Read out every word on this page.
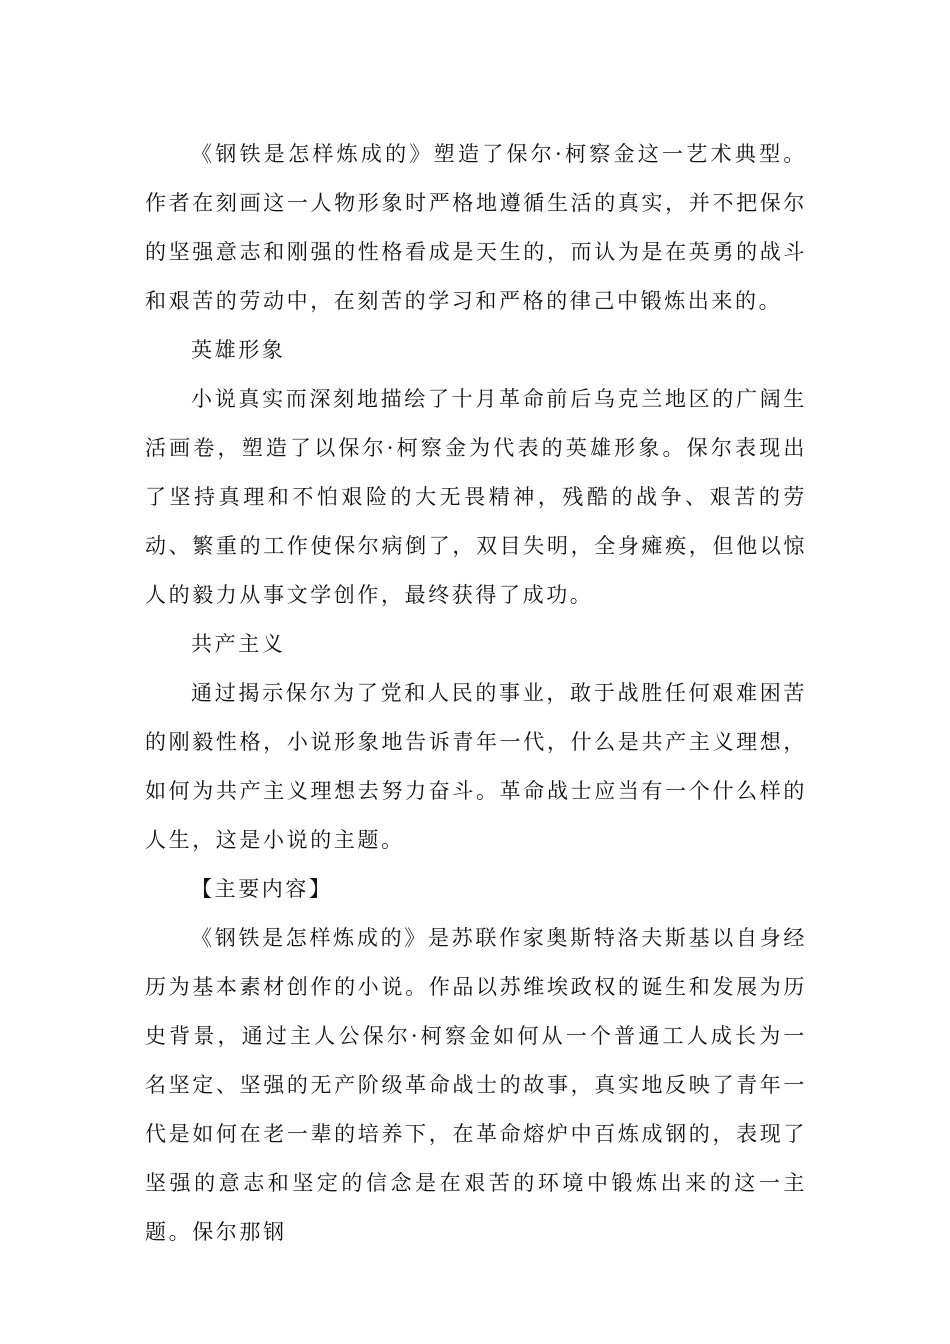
《钢铁是怎样炼成的》塑造了保尔·柯察金这一艺术典型。作者在刻画这一人物形象时严格地遵循生活的真实，并不把保尔的坚强意志和刚强的性格看成是天生的，而认为是在英勇的战斗和艰苦的劳动中，在刻苦的学习和严格的律己中锻炼出来的。

英雄形象

小说真实而深刻地描绘了十月革命前后乌克兰地区的广阔生活画卷，塑造了以保尔·柯察金为代表的英雄形象。保尔表现出了坚持真理和不怕艰险的大无畏精神，残酷的战争、艰苦的劳动、繁重的工作使保尔病倒了，双目失明，全身瘫痪，但他以惊人的毅力从事文学创作，最终获得了成功。

共产主义

通过揭示保尔为了党和人民的事业，敢于战胜任何艰难困苦的刚毅性格，小说形象地告诉青年一代，什么是共产主义理想，如何为共产主义理想去努力奋斗。革命战士应当有一个什么样的人生，这是小说的主题。

【主要内容】

《钢铁是怎样炼成的》是苏联作家奥斯特洛夫斯基以自身经历为基本素材创作的小说。作品以苏维埃政权的诞生和发展为历史背景，通过主人公保尔·柯察金如何从一个普通工人成长为一名坚定、坚强的无产阶级革命战士的故事，真实地反映了青年一代是如何在老一辈的培养下，在革命熔炉中百炼成钢的，表现了坚强的意志和坚定的信念是在艰苦的环境中锻炼出来的这一主题。保尔那钢
